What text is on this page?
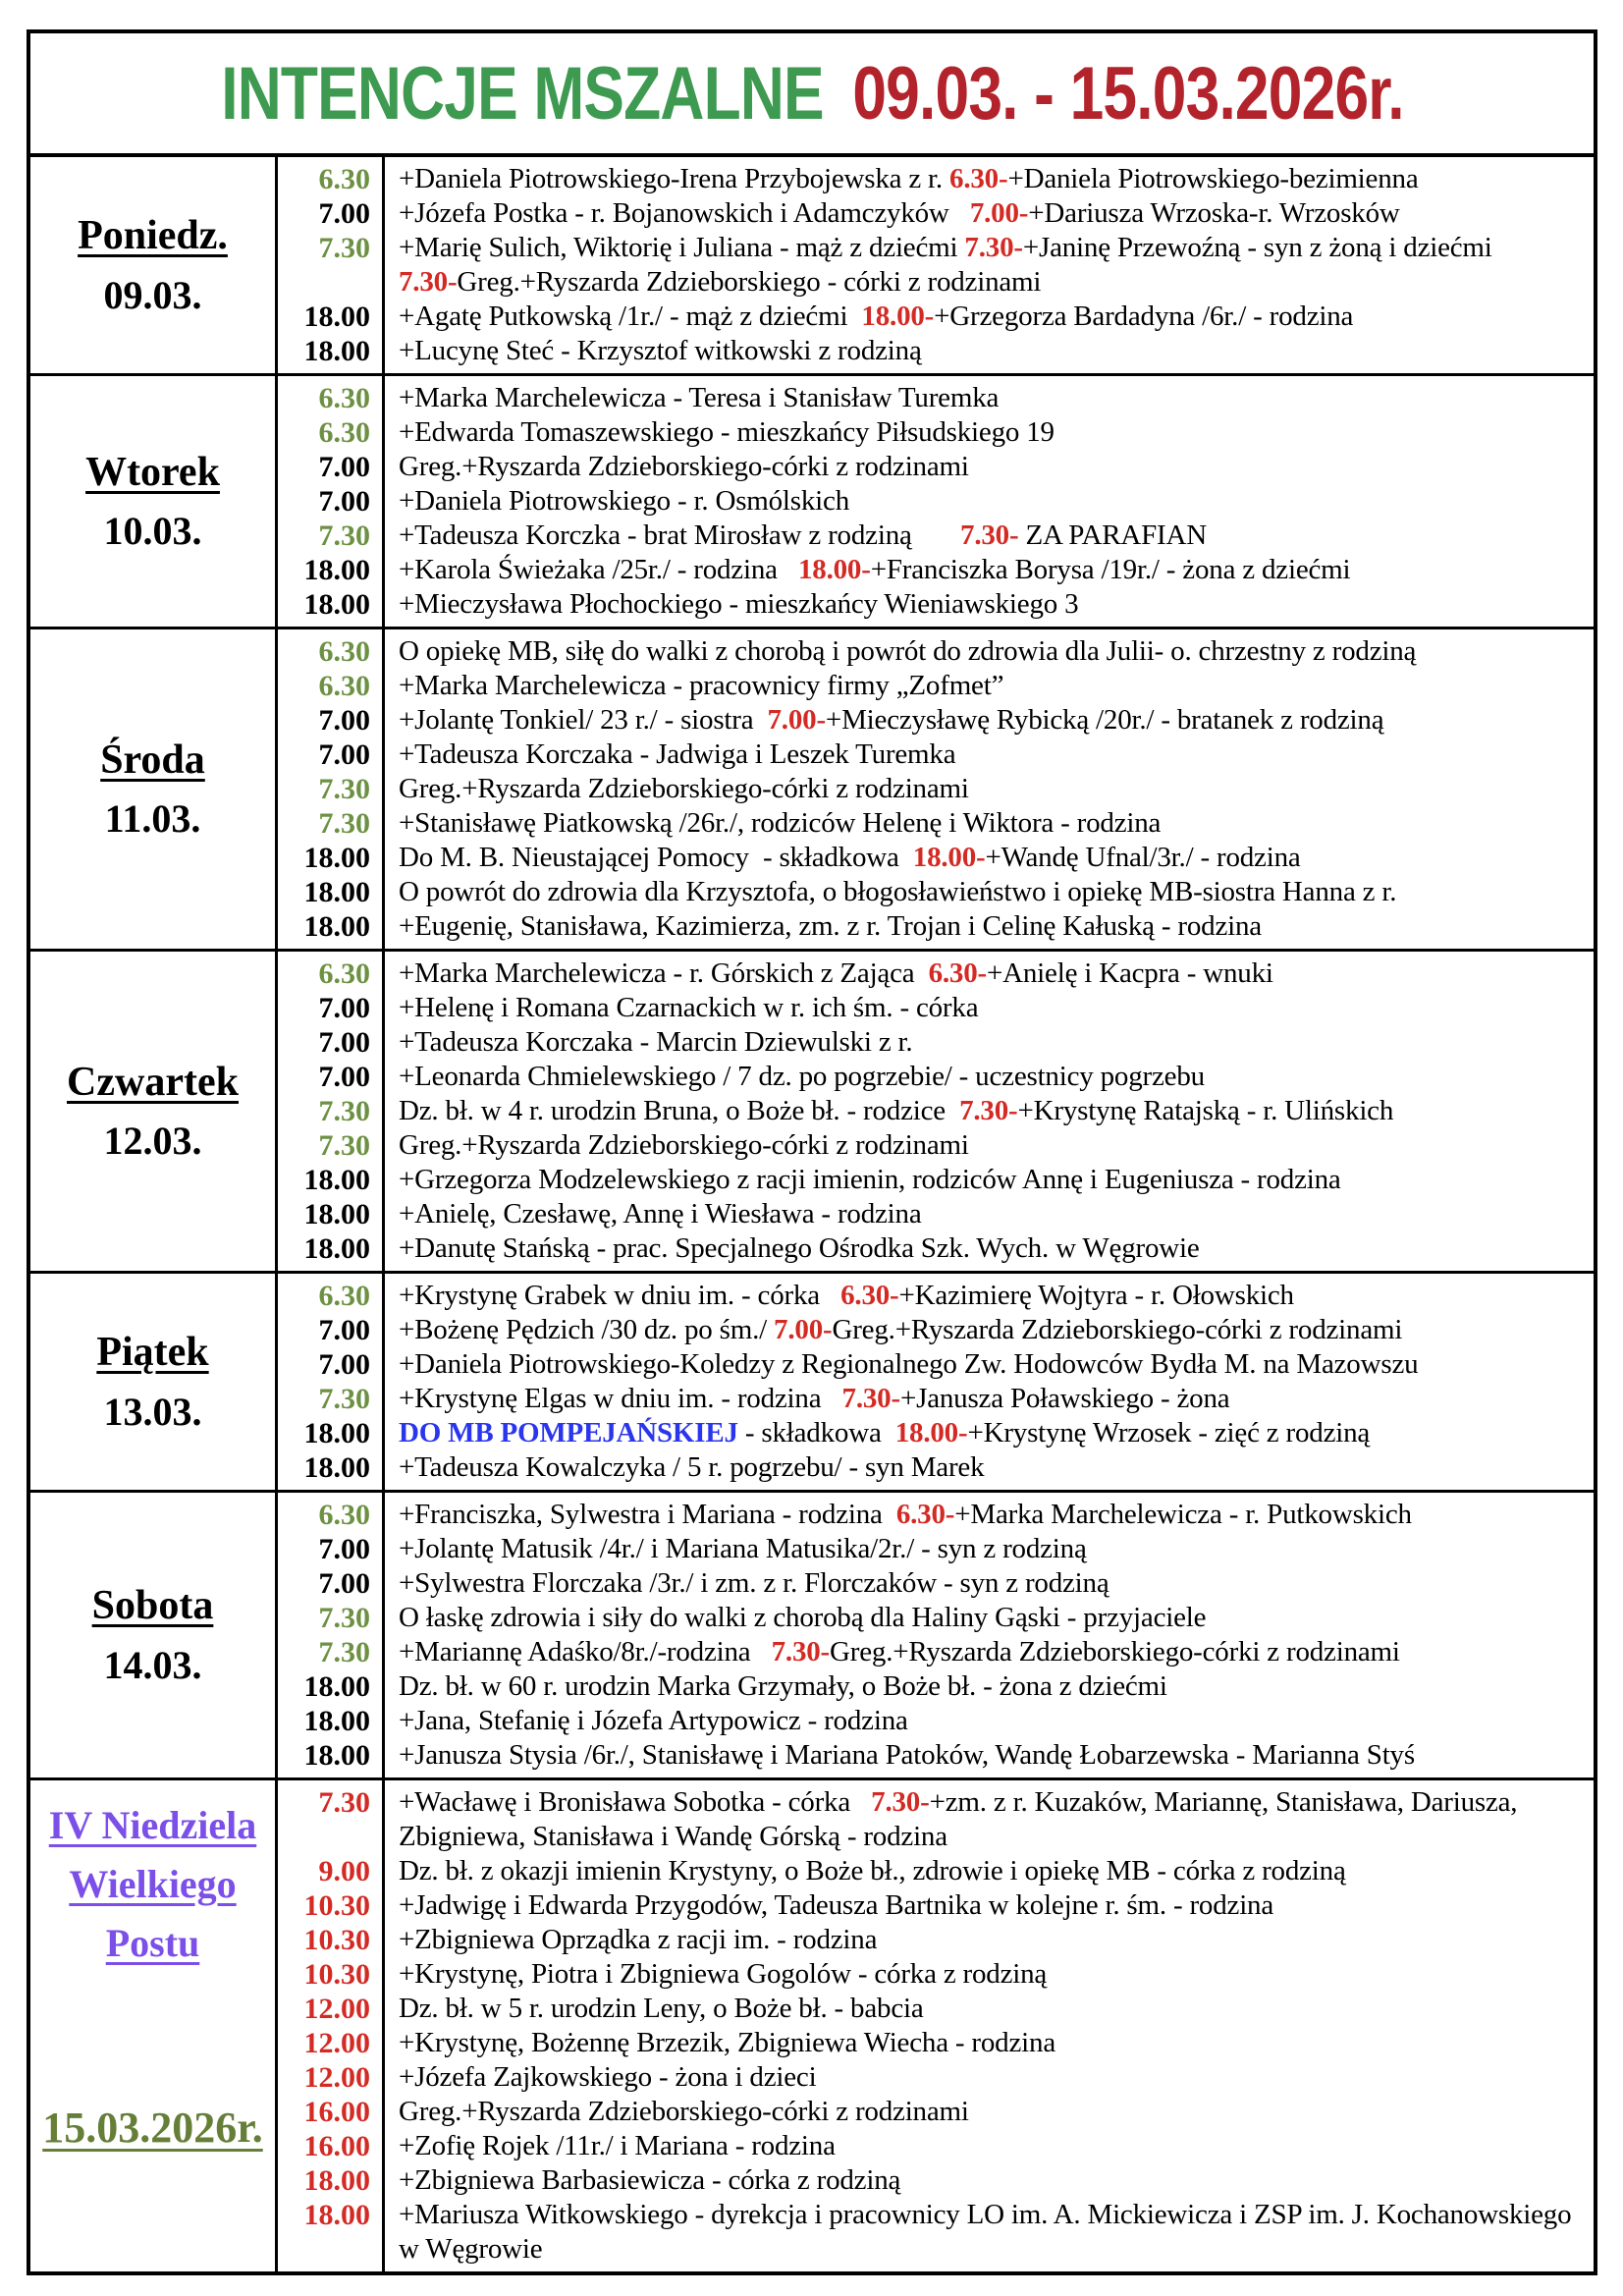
INTENCJE MSZALNE 09.03. - 15.03.2026r.
Poniedz.
09.03.
6.30	+Daniela Piotrowskiego-Irena Przybojewska z r. 6.30-+Daniela Piotrowskiego-bezimienna
7.00	+Józefa Postka - r. Bojanowskich i Adamczyków   7.00-+Dariusza Wrzoska-r. Wrzosków
7.30	+Marię Sulich, Wiktorię i Juliana - mąż z dziećmi 7.30-+Janinę Przewoźną - syn z żoną i dziećmi     7.30-Greg.+Ryszarda Zdzieborskiego - córki z rodzinami
18.00	+Agatę Putkowską /1r./ - mąż z dziećmi  18.00-+Grzegorza Bardadyna /6r./ - rodzina
18.00	+Lucynę Steć - Krzysztof witkowski z rodziną
Wtorek
10.03.
6.30	+Marka Marchelewicza - Teresa i Stanisław Turemka
6.30	+Edwarda Tomaszewskiego - mieszkańcy Piłsudskiego 19
7.00	Greg.+Ryszarda Zdzieborskiego-córki z rodzinami
7.00	+Daniela Piotrowskiego - r. Osmólskich
7.30	+Tadeusza Korczka - brat Mirosław z rodziną       7.30- ZA PARAFIAN
18.00	+Karola Świeżaka /25r./ - rodzina   18.00-+Franciszka Borysa /19r./ - żona z dziećmi
18.00	+Mieczysława Płochockiego - mieszkańcy Wieniawskiego 3
Środa
11.03.
6.30	O opiekę MB, siłę do walki z chorobą i powrót do zdrowia dla Julii- o. chrzestny z rodziną
6.30	+Marka Marchelewicza - pracownicy firmy „Zofmet”
7.00	+Jolantę Tonkiel/ 23 r./ - siostra  7.00-+Mieczysławę Rybicką /20r./ - bratanek z rodziną
7.00	+Tadeusza Korczaka - Jadwiga i Leszek Turemka
7.30	Greg.+Ryszarda Zdzieborskiego-córki z rodzinami
7.30	+Stanisławę Piatkowską /26r./, rodziców Helenę i Wiktora - rodzina
18.00	Do M. B. Nieustającej Pomocy  - składkowa  18.00-+Wandę Ufnal/3r./ - rodzina
18.00	O powrót do zdrowia dla Krzysztofa, o błogosławieństwo i opiekę MB-siostra Hanna z r.
18.00	+Eugenię, Stanisława, Kazimierza, zm. z r. Trojan i Celinę Kałuską - rodzina
Czwartek
12.03.
6.30	+Marka Marchelewicza - r. Górskich z Zająca  6.30-+Anielę i Kacpra - wnuki
7.00	+Helenę i Romana Czarnackich w r. ich śm. - córka
7.00	+Tadeusza Korczaka - Marcin Dziewulski z r.
7.00	+Leonarda Chmielewskiego / 7 dz. po pogrzebie/ - uczestnicy pogrzebu
7.30	Dz. bł. w 4 r. urodzin Bruna, o Boże bł. - rodzice  7.30-+Krystynę Ratajską - r. Ulińskich
7.30	Greg.+Ryszarda Zdzieborskiego-córki z rodzinami
18.00	+Grzegorza Modzelewskiego z racji imienin, rodziców Annę i Eugeniusza - rodzina
18.00	+Anielę, Czesławę, Annę i Wiesława - rodzina
18.00	+Danutę Stańską - prac. Specjalnego Ośrodka Szk. Wych. w Węgrowie
Piątek
13.03.
6.30	+Krystynę Grabek w dniu im. - córka   6.30-+Kazimierę Wojtyra - r. Ołowskich
7.00	+Bożenę Pędzich /30 dz. po śm./ 7.00-Greg.+Ryszarda Zdzieborskiego-córki z rodzinami
7.00	+Daniela Piotrowskiego-Koledzy z Regionalnego Zw. Hodowców Bydła M. na Mazowszu
7.30	+Krystynę Elgas w dniu im. - rodzina   7.30-+Janusza Poławskiego - żona
18.00	DO MB POMPEJAŃSKIEJ - składkowa  18.00-+Krystynę Wrzosek - zięć z rodziną
18.00	+Tadeusza Kowalczyka / 5 r. pogrzebu/ - syn Marek
Sobota
14.03.
6.30	+Franciszka, Sylwestra i Mariana - rodzina  6.30-+Marka Marchelewicza - r. Putkowskich
7.00	+Jolantę Matusik /4r./ i Mariana Matusika/2r./ - syn z rodziną
7.00	+Sylwestra Florczaka /3r./ i zm. z r. Florczaków - syn z rodziną
7.30	O łaskę zdrowia i siły do walki z chorobą dla Haliny Gąski - przyjaciele
7.30	+Mariannę Adaśko/8r./-rodzina   7.30-Greg.+Ryszarda Zdzieborskiego-córki z rodzinami
18.00	Dz. bł. w 60 r. urodzin Marka Grzymały, o Boże bł. - żona z dziećmi
18.00	+Jana, Stefanię i Józefa Artypowicz - rodzina
18.00	+Janusza Stysia /6r./, Stanisławę i Mariana Patoków, Wandę Łobarzewska - Marianna Styś
IV Niedziela
Wielkiego
Postu
15.03.2026r.
7.30	+Wacławę i Bronisława Sobotka - córka   7.30-+zm. z r. Kuzaków, Mariannę, Stanisława, Dariusza, Zbigniewa, Stanisława i Wandę Górską - rodzina
9.00	Dz. bł. z okazji imienin Krystyny, o Boże bł., zdrowie i opiekę MB - córka z rodziną
10.30	+Jadwigę i Edwarda Przygodów, Tadeusza Bartnika w kolejne r. śm. - rodzina
10.30	+Zbigniewa Oprządka z racji im. - rodzina
10.30	+Krystynę, Piotra i Zbigniewa Gogolów - córka z rodziną
12.00	Dz. bł. w 5 r. urodzin Leny, o Boże bł. - babcia
12.00	+Krystynę, Bożennę Brzezik, Zbigniewa Wiecha - rodzina
12.00	+Józefa Zajkowskiego - żona i dzieci
16.00	Greg.+Ryszarda Zdzieborskiego-córki z rodzinami
16.00	+Zofię Rojek /11r./ i Mariana - rodzina
18.00	+Zbigniewa Barbasiewicza - córka z rodziną
18.00	+Mariusza Witkowskiego - dyrekcja i pracownicy LO im. A. Mickiewicza i ZSP im. J. Kochanowskiego w Węgrowie
